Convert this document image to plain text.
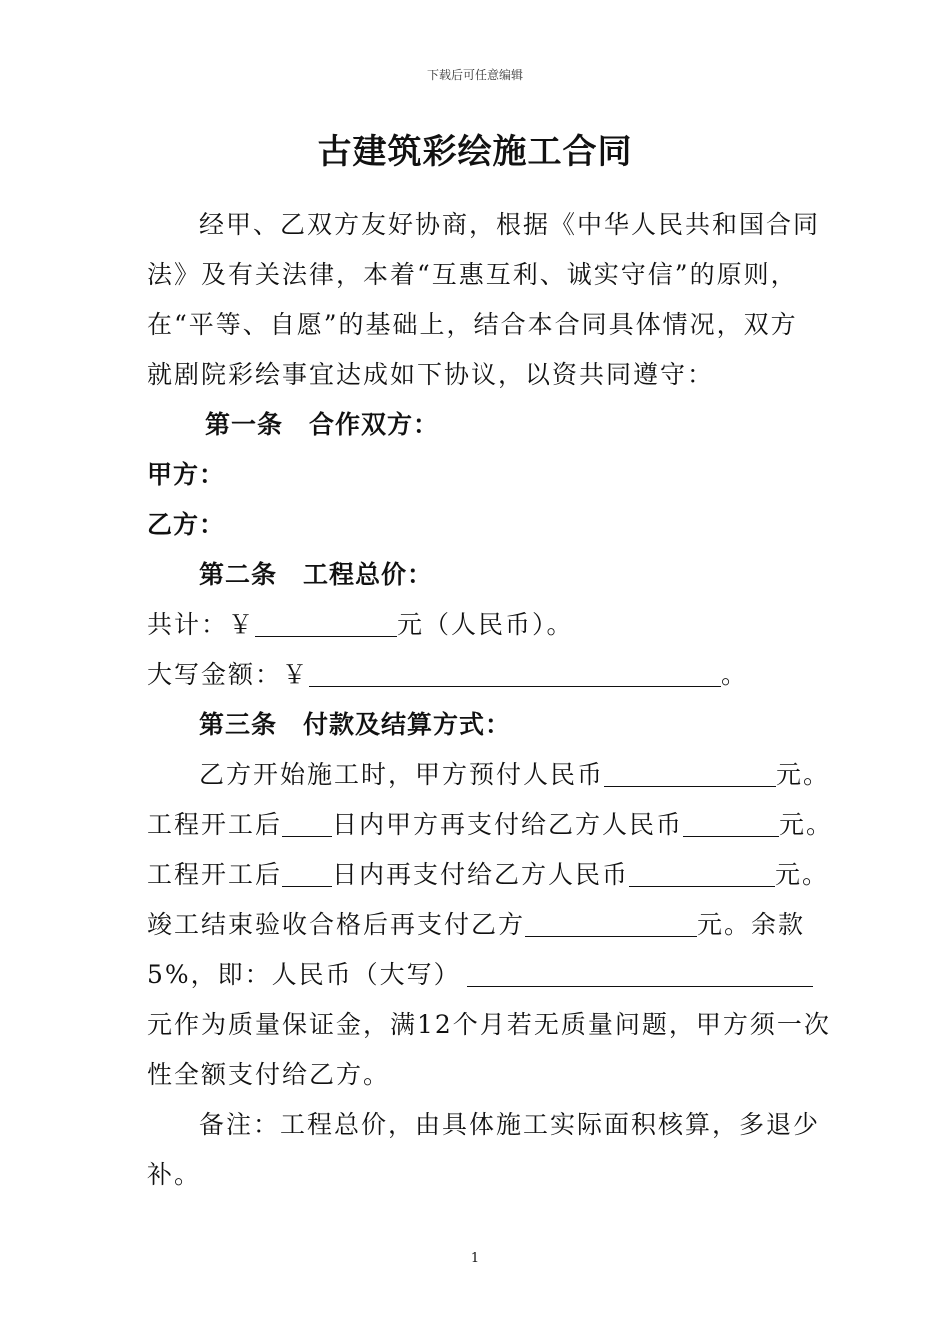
下载后可任意编辑
古建筑彩绘施工合同
经甲、乙双方友好协商，根据《中华人民共和国合同
法》及有关法律，本着“互惠互利、诚实守信”的原则，
在“平等、自愿”的基础上，结合本合同具体情况，双方
就剧院彩绘事宜达成如下协议，以资共同遵守：
第一条　合作双方：
甲方：
乙方：
第二条　工程总价：
共计：￥	元（人民币）。
大写金额：￥	。
第三条　付款及结算方式：
乙方开始施工时，甲方预付人民币	元。
工程开工后 日内甲方再支付给乙方人民币	元。
工程开工后 日内再支付给乙方人民币	元。
竣工结束验收合格后再支付乙方	元。余款
5%，即：人民币（大写）
元作为质量保证金，满12个月若无质量问题，甲方须一次
性全额支付给乙方。
备注：工程总价，由具体施工实际面积核算，多退少
补。
1
